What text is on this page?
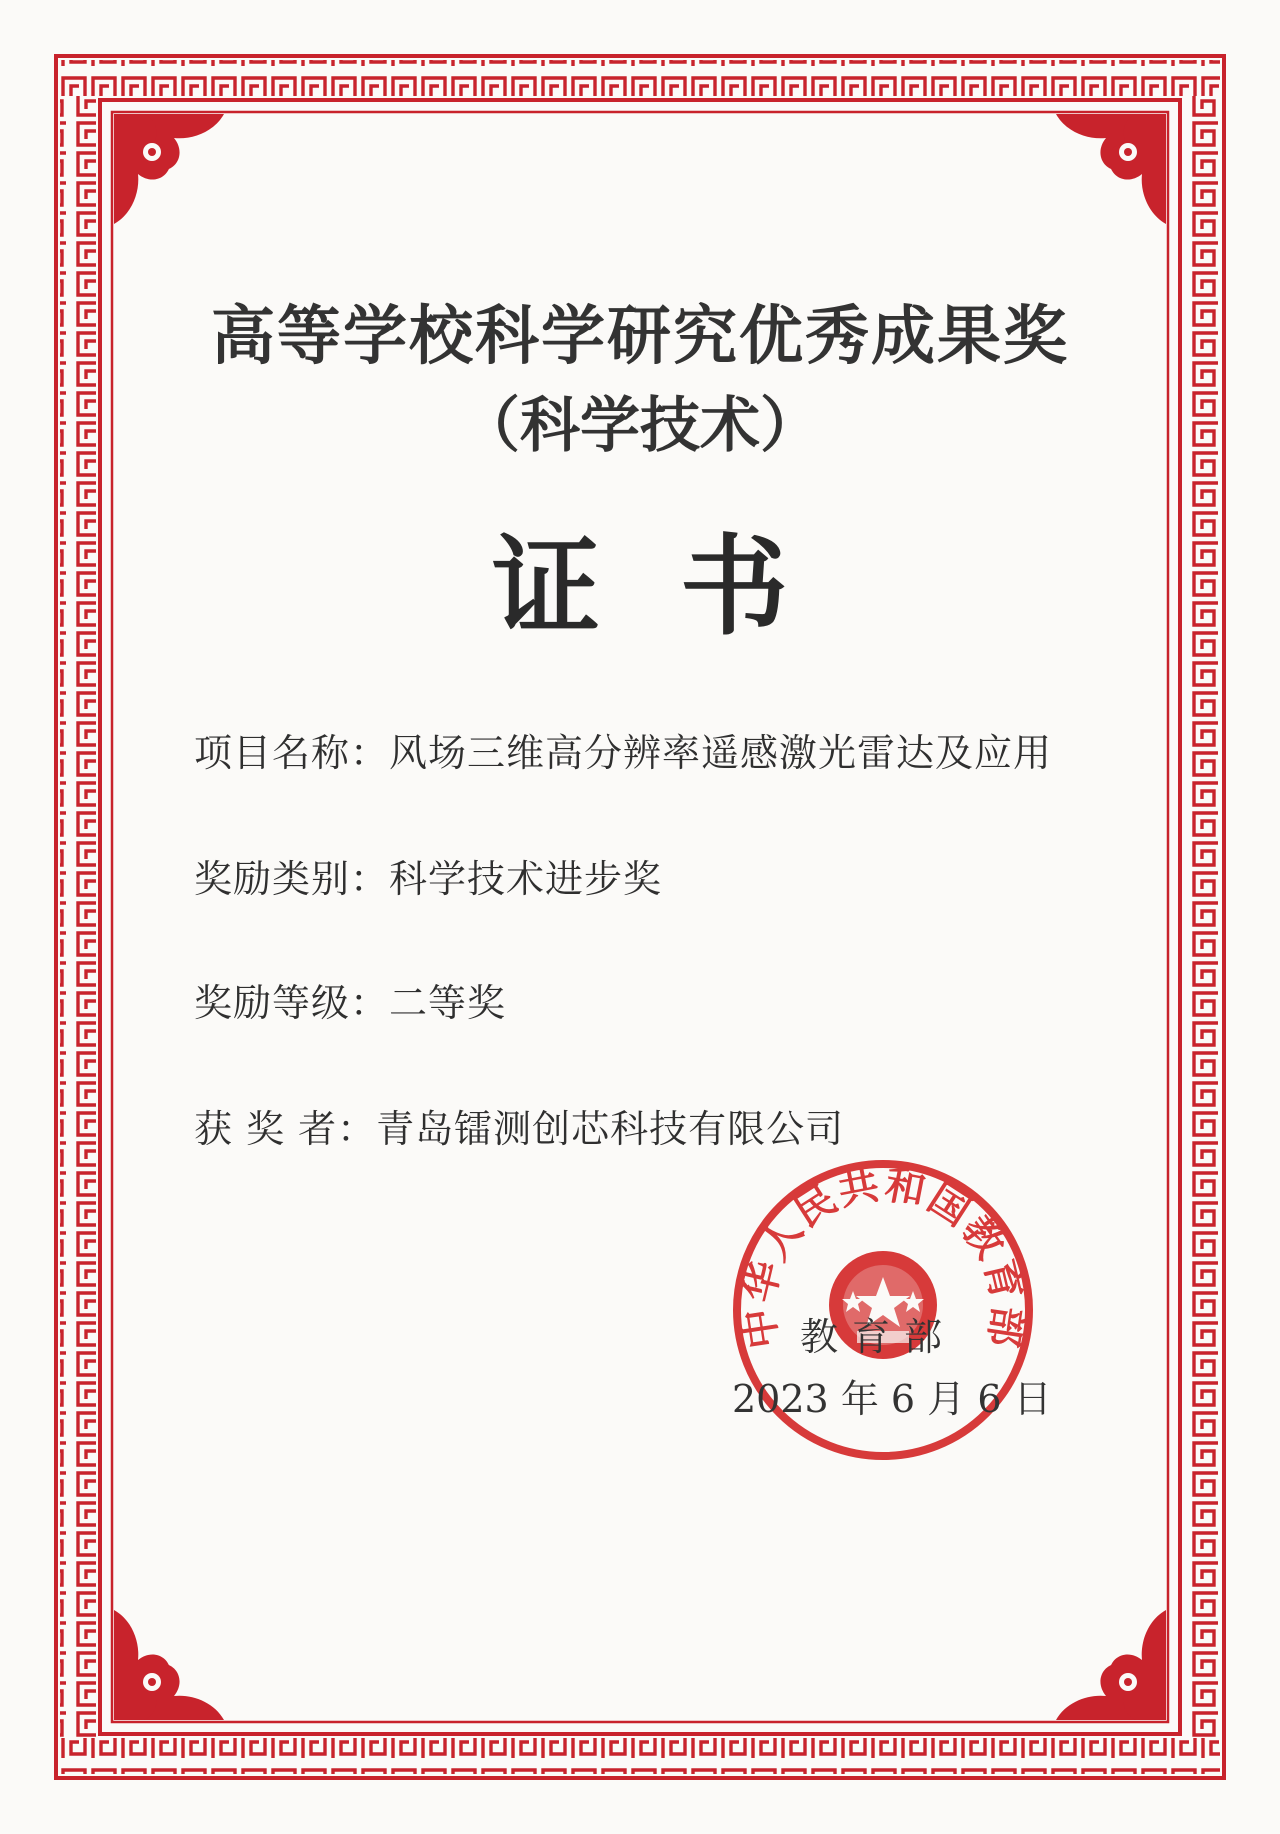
高等学校科学研究优秀成果奖
（科学技术）
证书
项目名称：风场三维高分辨率遥感激光雷达及应用
奖励类别：科学技术进步奖
奖励等级：二等奖
获 奖 者：青岛镭测创芯科技有限公司
中华人民共和国教育部
教育部
2023 年 6 月 6 日
